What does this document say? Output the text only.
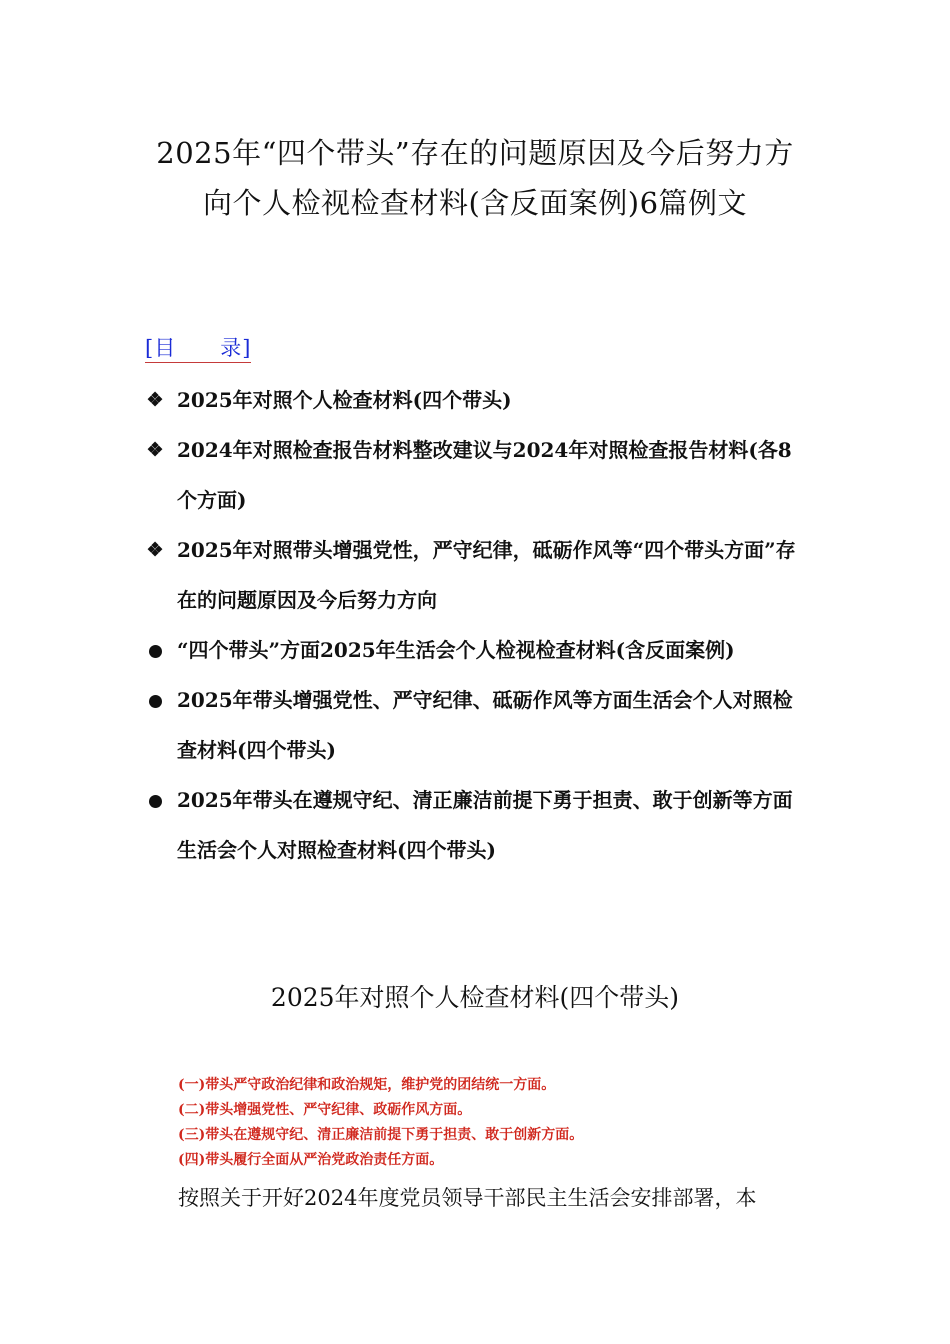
2025年“四个带头”存在的问题原因及今后努力方
向个人检视检查材料(含反面案例)6篇例文
[目 录]
❖ 2025年对照个人检查材料(四个带头)
❖ 2024年对照检查报告材料整改建议与2024年对照检查报告材料(各8个方面)
❖ 2025年对照带头增强党性，严守纪律，砥砺作风等“四个带头方面”存在的问题原因及今后努力方向
“四个带头”方面2025年生活会个人检视检查材料(含反面案例)
2025年带头增强党性、严守纪律、砥砺作风等方面生活会个人对照检查材料(四个带头)
2025年带头在遵规守纪、清正廉洁前提下勇于担责、敢于创新等方面生活会个人对照检查材料(四个带头)
2025年对照个人检查材料(四个带头)
(一)带头严守政治纪律和政治规矩，维护党的团结统一方面。
(二)带头增强党性、严守纪律、政砺作风方面。
(三)带头在遵规守纪、清正廉洁前提下勇于担责、敢于创新方面。
(四)带头履行全面从严治党政治责任方面。
按照关于开好2024年度党员领导干部民主生活会安排部署，本
